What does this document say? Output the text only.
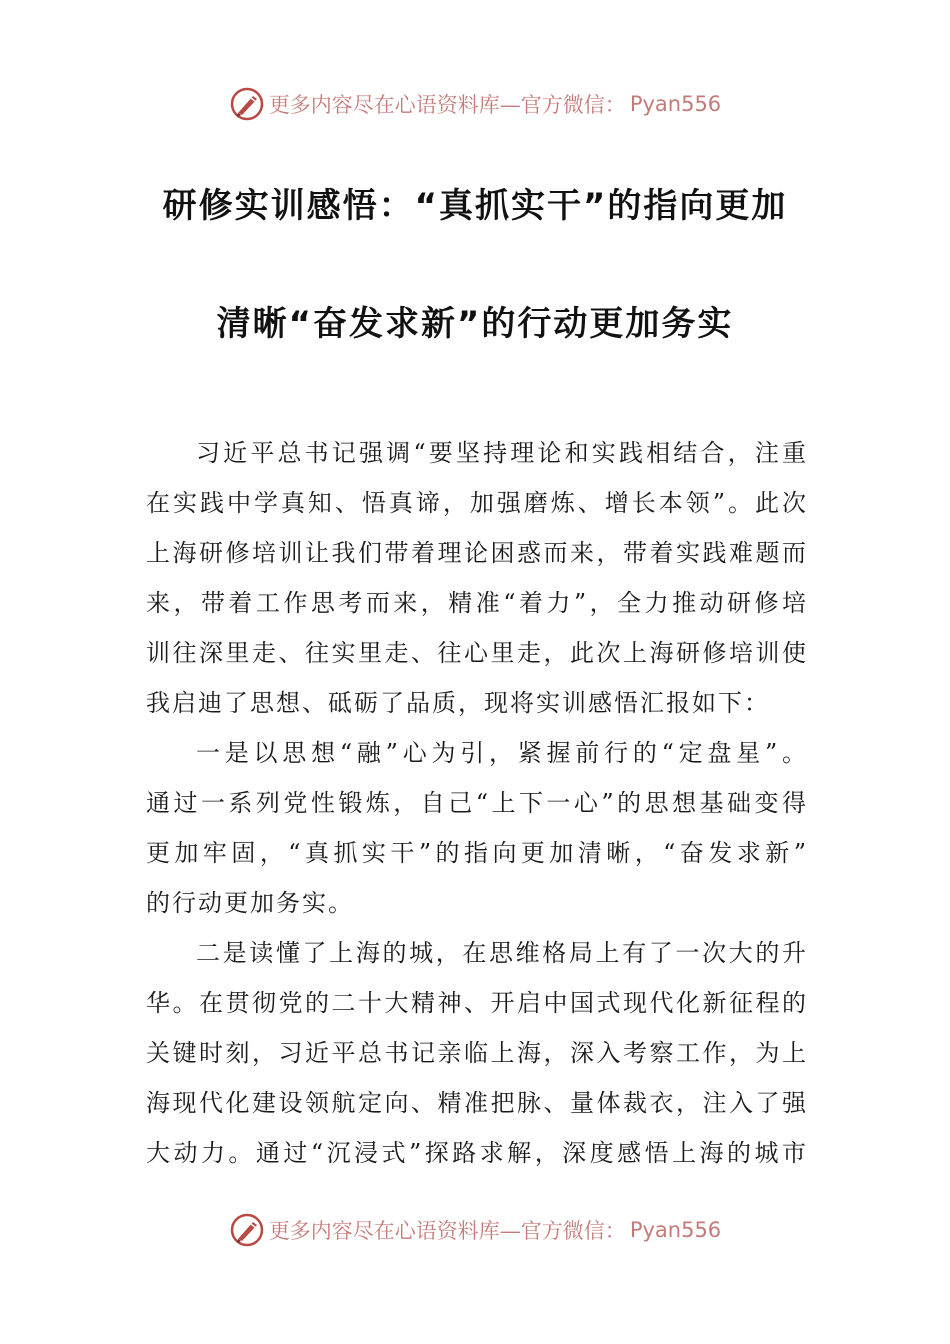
更多内容尽在心语资料库—官方微信： Pyan556
研修实训感悟：“真抓实干”的指向更加
清晰“奋发求新”的行动更加务实
习近平总书记强调“要坚持理论和实践相结合，注重
在实践中学真知、悟真谛，加强磨炼、增长本领”。此次
上海研修培训让我们带着理论困惑而来，带着实践难题而
来，带着工作思考而来，精准“着力”，全力推动研修培
训往深里走、往实里走、往心里走，此次上海研修培训使
我启迪了思想、砥砺了品质，现将实训感悟汇报如下：
一是以思想“融”心为引，紧握前行的“定盘星”。
通过一系列党性锻炼，自己“上下一心”的思想基础变得
更加牢固，“真抓实干”的指向更加清晰，“奋发求新”
的行动更加务实。
二是读懂了上海的城，在思维格局上有了一次大的升
华。在贯彻党的二十大精神、开启中国式现代化新征程的
关键时刻，习近平总书记亲临上海，深入考察工作，为上
海现代化建设领航定向、精准把脉、量体裁衣，注入了强
大动力。通过“沉浸式”探路求解，深度感悟上海的城市
更多内容尽在心语资料库—官方微信： Pyan556
